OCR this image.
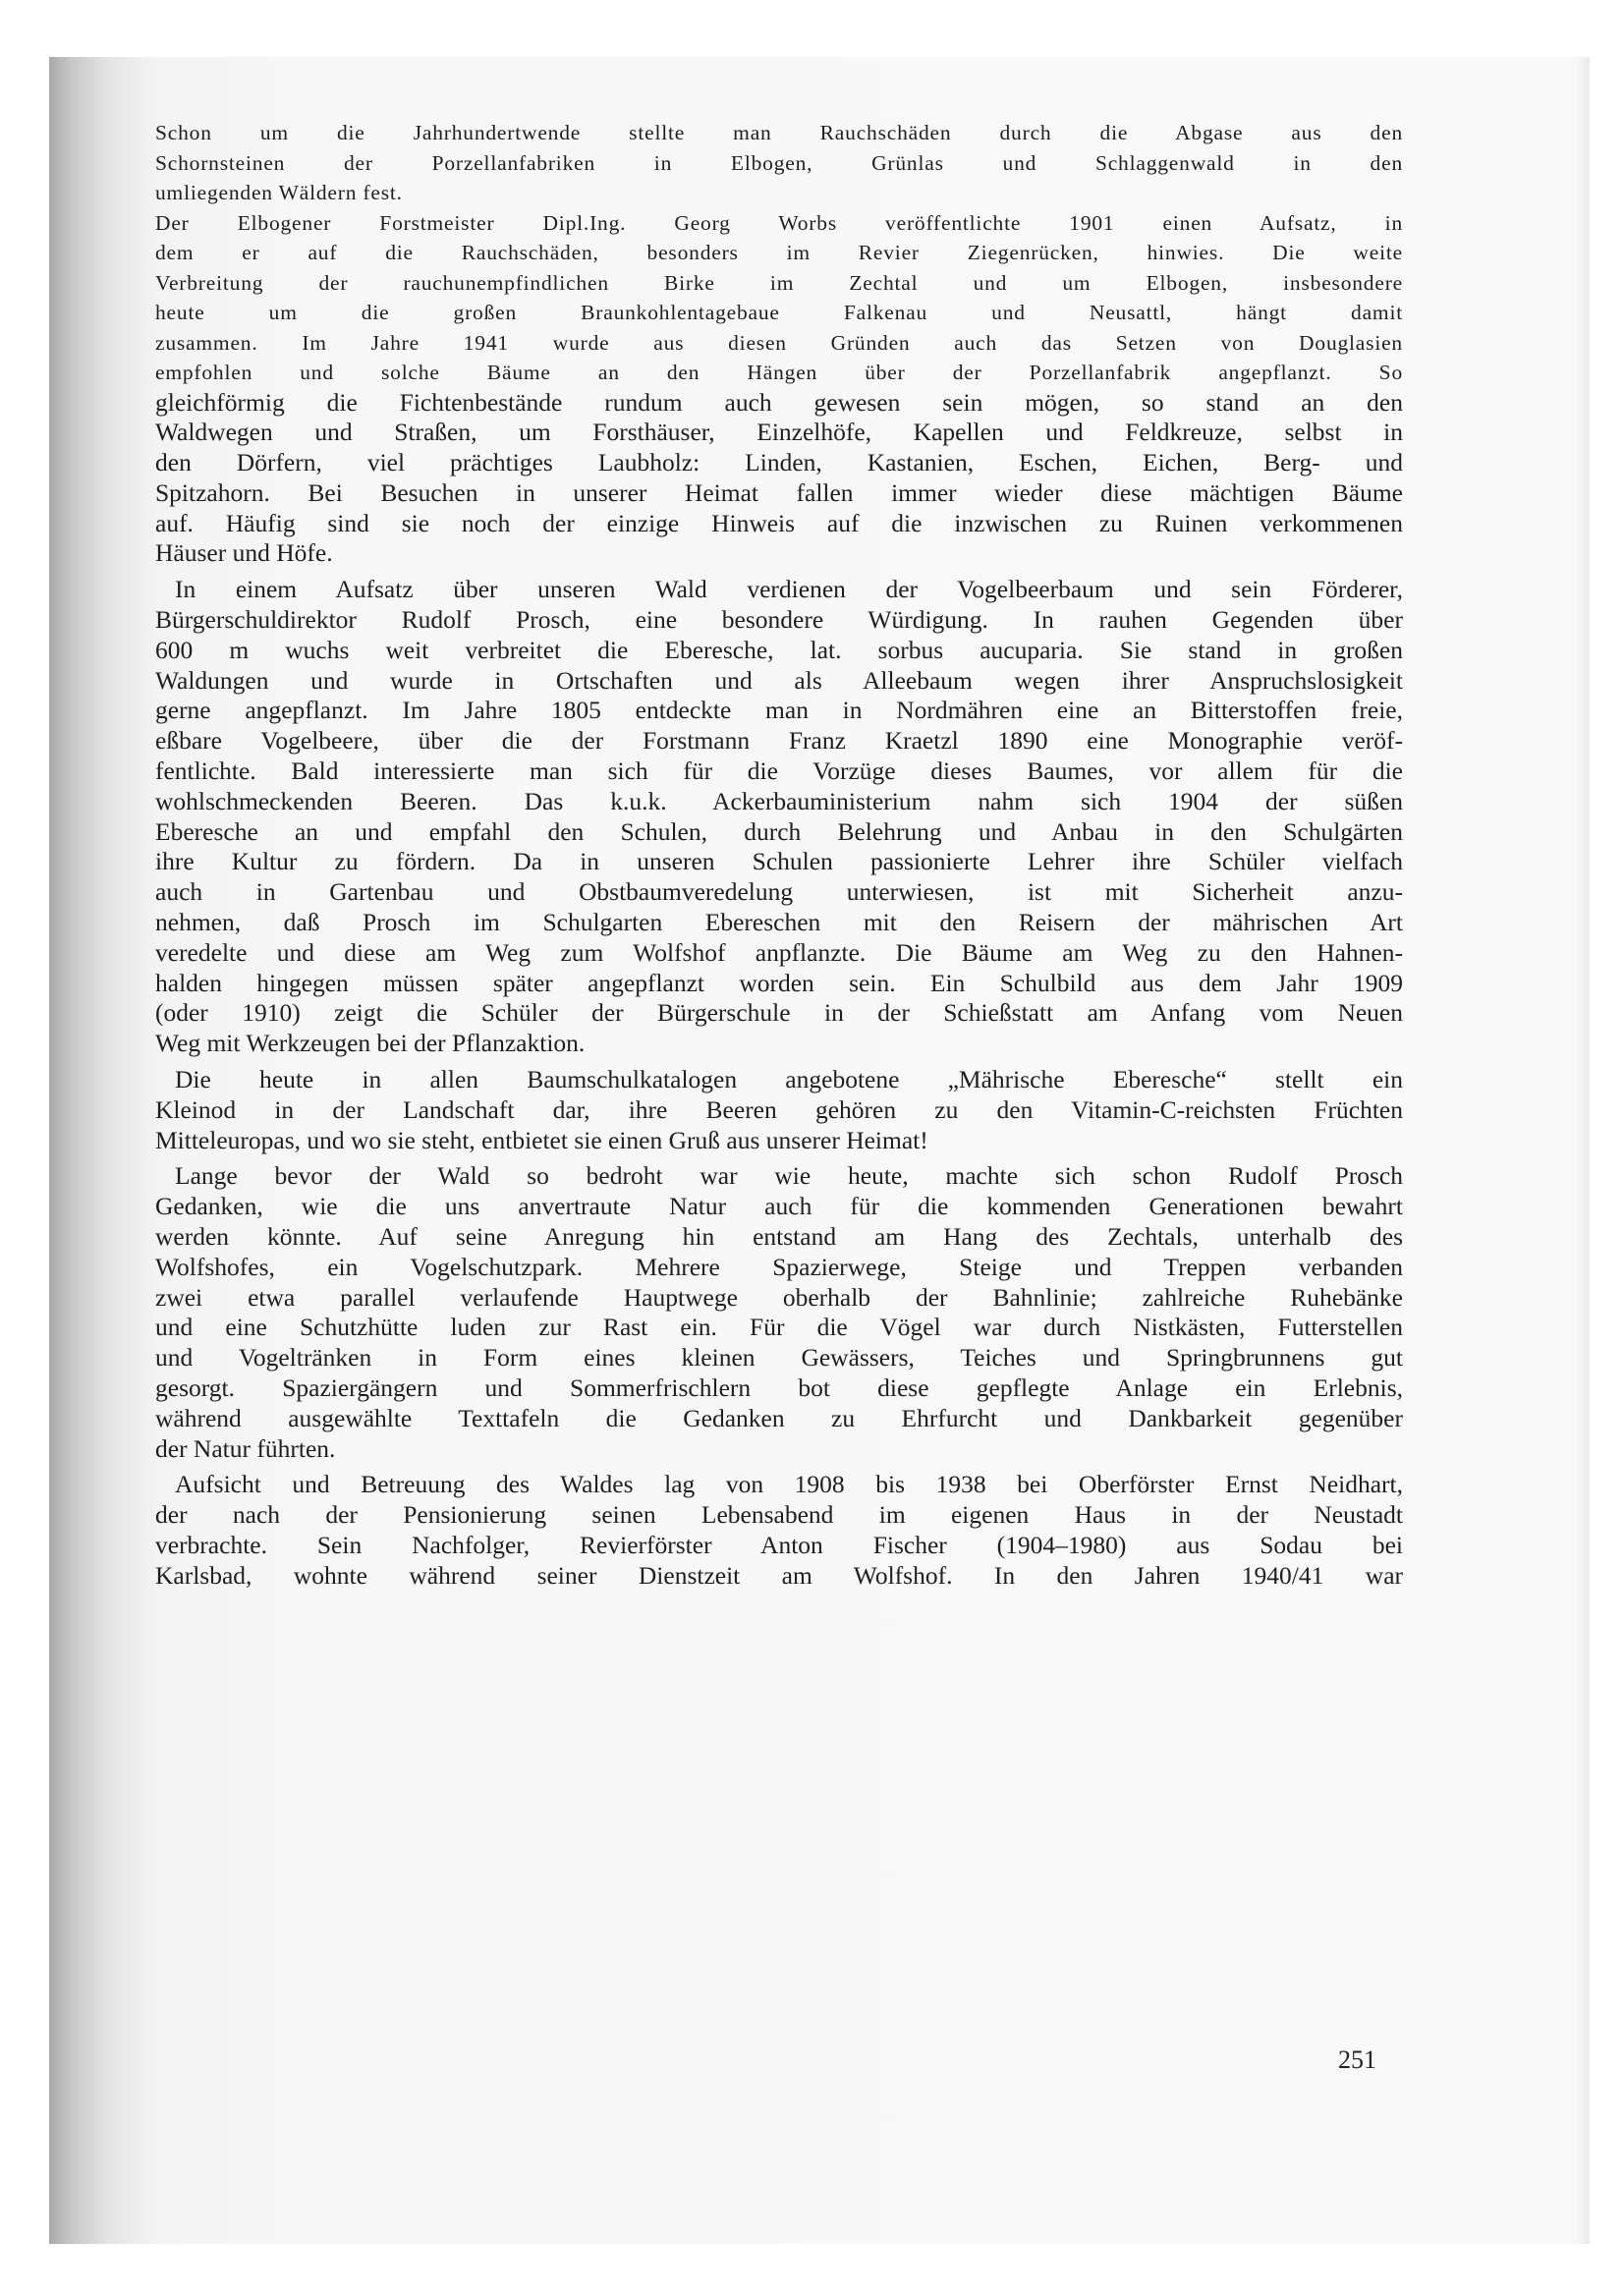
Schon um die Jahrhundertwende stellte man Rauchschäden durch die Abgase aus den
Schornsteinen der Porzellanfabriken in Elbogen, Grünlas und Schlaggenwald in den
umliegenden Wäldern fest.
Der Elbogener Forstmeister Dipl.Ing. Georg Worbs veröffentlichte 1901 einen Aufsatz, in
dem er auf die Rauchschäden, besonders im Revier Ziegenrücken, hinwies. Die weite
Verbreitung der rauchunempfindlichen Birke im Zechtal und um Elbogen, insbesondere
heute um die großen Braunkohlentagebaue Falkenau und Neusattl, hängt damit
zusammen. Im Jahre 1941 wurde aus diesen Gründen auch das Setzen von Douglasien
empfohlen und solche Bäume an den Hängen über der Porzellanfabrik angepflanzt. So
gleichförmig die Fichtenbestände rundum auch gewesen sein mögen, so stand an den
Waldwegen und Straßen, um Forsthäuser, Einzelhöfe, Kapellen und Feldkreuze, selbst in
den Dörfern, viel prächtiges Laubholz: Linden, Kastanien, Eschen, Eichen, Berg- und
Spitzahorn. Bei Besuchen in unserer Heimat fallen immer wieder diese mächtigen Bäume
auf. Häufig sind sie noch der einzige Hinweis auf die inzwischen zu Ruinen verkommenen
Häuser und Höfe.
In einem Aufsatz über unseren Wald verdienen der Vogelbeerbaum und sein Förderer,
Bürgerschuldirektor Rudolf Prosch, eine besondere Würdigung. In rauhen Gegenden über
600 m wuchs weit verbreitet die Eberesche, lat. sorbus aucuparia. Sie stand in großen
Waldungen und wurde in Ortschaften und als Alleebaum wegen ihrer Anspruchslosigkeit
gerne angepflanzt. Im Jahre 1805 entdeckte man in Nordmähren eine an Bitterstoffen freie,
eßbare Vogelbeere, über die der Forstmann Franz Kraetzl 1890 eine Monographie veröf-
fentlichte. Bald interessierte man sich für die Vorzüge dieses Baumes, vor allem für die
wohlschmeckenden Beeren. Das k.u.k. Ackerbauministerium nahm sich 1904 der süßen
Eberesche an und empfahl den Schulen, durch Belehrung und Anbau in den Schulgärten
ihre Kultur zu fördern. Da in unseren Schulen passionierte Lehrer ihre Schüler vielfach
auch in Gartenbau und Obstbaumveredelung unterwiesen, ist mit Sicherheit anzu-
nehmen, daß Prosch im Schulgarten Ebereschen mit den Reisern der mährischen Art
veredelte und diese am Weg zum Wolfshof anpflanzte. Die Bäume am Weg zu den Hahnen-
halden hingegen müssen später angepflanzt worden sein. Ein Schulbild aus dem Jahr 1909
(oder 1910) zeigt die Schüler der Bürgerschule in der Schießstatt am Anfang vom Neuen
Weg mit Werkzeugen bei der Pflanzaktion.
Die heute in allen Baumschulkatalogen angebotene „Mährische Eberesche“ stellt ein
Kleinod in der Landschaft dar, ihre Beeren gehören zu den Vitamin-C-reichsten Früchten
Mitteleuropas, und wo sie steht, entbietet sie einen Gruß aus unserer Heimat!
Lange bevor der Wald so bedroht war wie heute, machte sich schon Rudolf Prosch
Gedanken, wie die uns anvertraute Natur auch für die kommenden Generationen bewahrt
werden könnte. Auf seine Anregung hin entstand am Hang des Zechtals, unterhalb des
Wolfshofes, ein Vogelschutzpark. Mehrere Spazierwege, Steige und Treppen verbanden
zwei etwa parallel verlaufende Hauptwege oberhalb der Bahnlinie; zahlreiche Ruhebänke
und eine Schutzhütte luden zur Rast ein. Für die Vögel war durch Nistkästen, Futterstellen
und Vogeltränken in Form eines kleinen Gewässers, Teiches und Springbrunnens gut
gesorgt. Spaziergängern und Sommerfrischlern bot diese gepflegte Anlage ein Erlebnis,
während ausgewählte Texttafeln die Gedanken zu Ehrfurcht und Dankbarkeit gegenüber
der Natur führten.
Aufsicht und Betreuung des Waldes lag von 1908 bis 1938 bei Oberförster Ernst Neidhart,
der nach der Pensionierung seinen Lebensabend im eigenen Haus in der Neustadt
verbrachte. Sein Nachfolger, Revierförster Anton Fischer (1904–1980) aus Sodau bei
Karlsbad, wohnte während seiner Dienstzeit am Wolfshof. In den Jahren 1940/41 war
251
